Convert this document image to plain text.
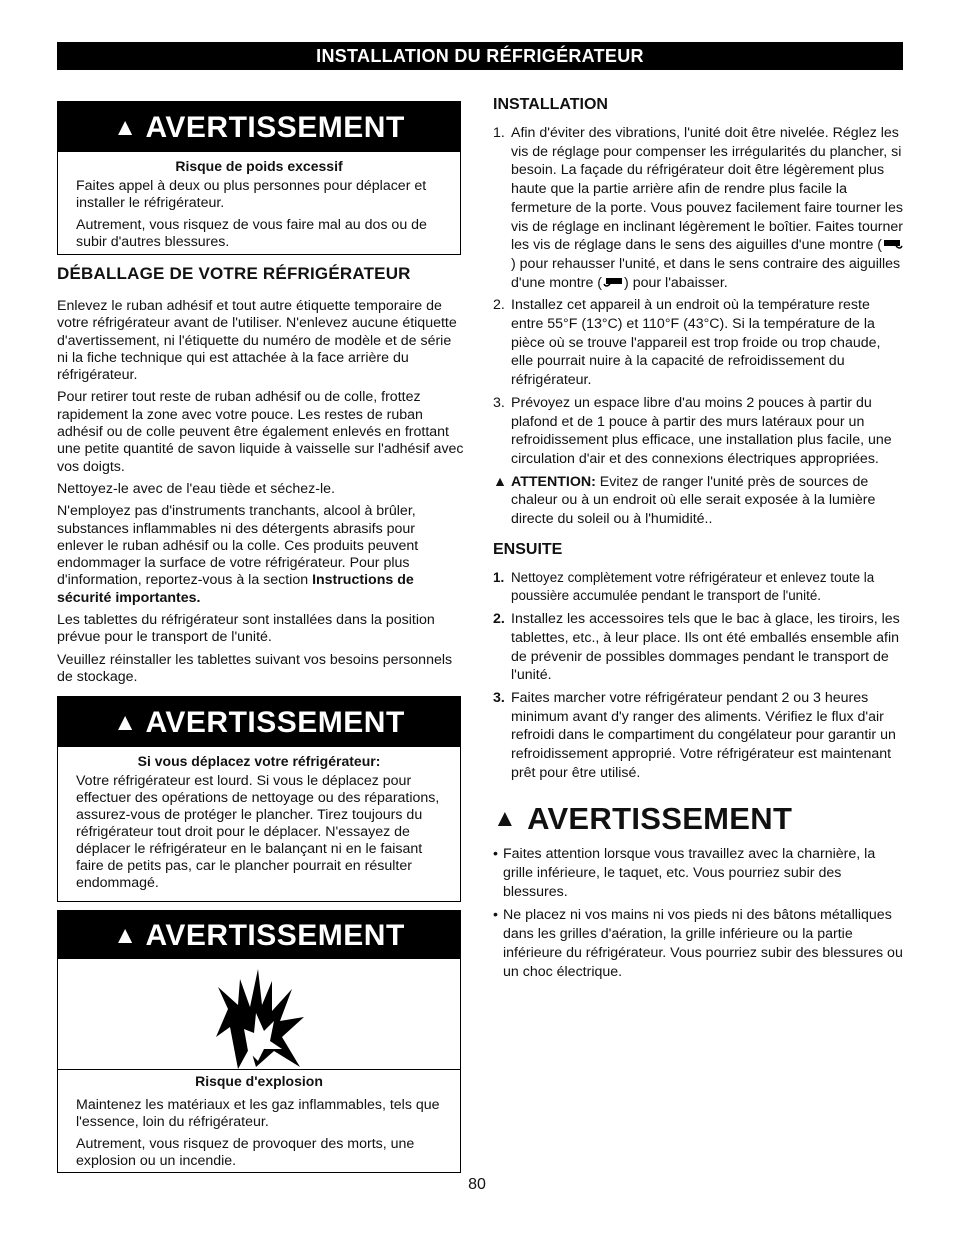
INSTALLATION DU RÉFRIGÉRATEUR
▲ AVERTISSEMENT
Risque de poids excessif

Faites appel à deux ou plus personnes pour déplacer et installer le réfrigérateur.

Autrement, vous risquez de vous faire mal au dos ou de subir d'autres blessures.

DÉBALLAGE DE VOTRE RÉFRIGÉRATEUR

Enlevez le ruban adhésif et tout autre étiquette temporaire de votre réfrigérateur avant de l'utiliser. N'enlevez aucune étiquette d'avertissement, ni l'étiquette du numéro de modèle et de série ni la fiche technique qui est attachée à la face arrière du réfrigérateur.

Pour retirer tout reste de ruban adhésif ou de colle, frottez rapidement la zone avec votre pouce. Les restes de ruban adhésif ou de colle peuvent être également enlevés en frottant une petite quantité de savon liquide à vaisselle sur l'adhésif avec vos doigts.

Nettoyez-le avec de l'eau tiède et séchez-le.

N'employez pas d'instruments tranchants, alcool à brûler, substances inflammables ni des détergents abrasifs pour enlever le ruban adhésif ou la colle. Ces produits peuvent endommager la surface de votre réfrigérateur. Pour plus d'information, reportez-vous à la section Instructions de sécurité importantes.

Les tablettes du réfrigérateur sont installées dans la position prévue pour le transport de l'unité.

Veuillez réinstaller les tablettes suivant vos besoins personnels de stockage.

▲ AVERTISSEMENT
Si vous déplacez votre réfrigérateur:

Votre réfrigérateur est lourd. Si vous le déplacez pour effectuer des opérations de nettoyage ou des réparations, assurez-vous de protéger le plancher. Tirez toujours du réfrigérateur tout droit pour le déplacer. N'essayez de déplacer le réfrigérateur en le balançant ni en le faisant faire de petits pas, car le plancher pourrait en résulter endommagé.

▲ AVERTISSEMENT
Risque d'explosion

Maintenez les matériaux et les gaz inflammables, tels que l'essence, loin du réfrigérateur.

Autrement, vous risquez de provoquer des morts, une explosion ou un incendie.

INSTALLATION
1. Afin d'éviter des vibrations, l'unité doit être nivelée. Réglez les vis de réglage pour compenser les irrégularités du plancher, si besoin. La façade du réfrigérateur doit être légèrement plus haute que la partie arrière afin de rendre plus facile la fermeture de la porte. Vous pouvez facilement faire tourner les vis de réglage en inclinant légèrement le boîtier. Faites tourner les vis de réglage dans le sens des aiguilles d'une montre () pour rehausser l'unité, et dans le sens contraire des aiguilles d'une montre ( ) pour l'abaisser.
2. Installez cet appareil à un endroit où la température reste entre 55°F (13°C) et 110°F (43°C). Si la température de la pièce où se trouve l'appareil est trop froide ou trop chaude, elle pourrait nuire à la capacité de refroidissement du réfrigérateur.
3. Prévoyez un espace libre d'au moins 2 pouces à partir du plafond et de 1 pouce à partir des murs latéraux pour un refroidissement plus efficace, une installation plus facile, une circulation d'air et des connexions électriques appropriées.
▲ ATTENTION: Evitez de ranger l'unité près de sources de chaleur ou à un endroit où elle serait exposée à la lumière directe du soleil ou à l'humidité..
ENSUITE
1. Nettoyez complètement votre réfrigérateur et enlevez toute la poussière accumulée pendant le transport de l'unité.
2. Installez les accessoires tels que le bac à glace, les tiroirs, les tablettes, etc., à leur place. Ils ont été emballés ensemble afin de prévenir de possibles dommages pendant le transport de l'unité.
3. Faites marcher votre réfrigérateur pendant 2 ou 3 heures minimum avant d'y ranger des aliments. Vérifiez le flux d'air refroidi dans le compartiment du congélateur pour garantir un refroidissement approprié. Votre réfrigérateur est maintenant prêt pour être utilisé.
▲ AVERTISSEMENT
• Faites attention lorsque vous travaillez avec la charnière, la grille inférieure, le taquet, etc. Vous pourriez subir des blessures.
• Ne placez ni vos mains ni vos pieds ni des bâtons métalliques dans les grilles d'aération, la grille inférieure ou la partie inférieure du réfrigérateur. Vous pourriez subir des blessures ou un choc électrique.
80
